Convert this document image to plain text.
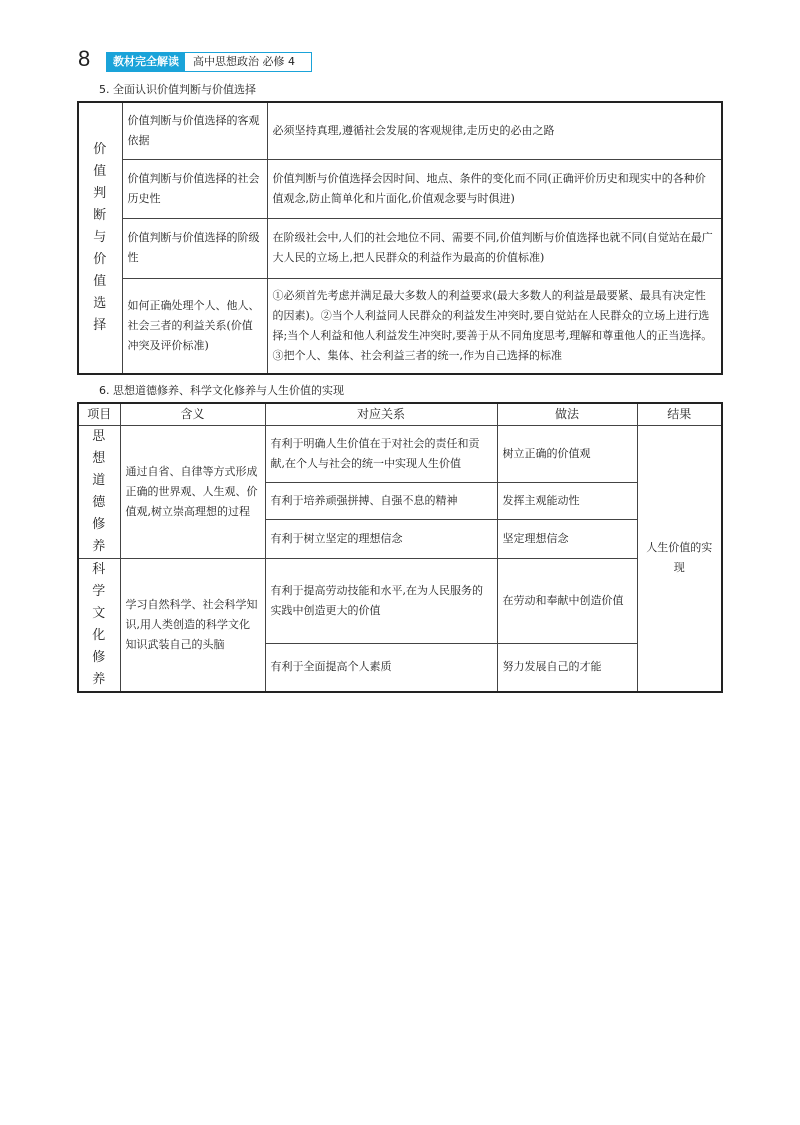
8	教材完全解读	高中思想政治 必修 4
5. 全面认识价值判断与价值选择
价值判断与价值选择	价值判断与价值选择的客观依据	必须坚持真理,遵循社会发展的客观规律,走历史的必由之路
	价值判断与价值选择的社会历史性	价值判断与价值选择会因时间、地点、条件的变化而不同(正确评价历史和现实中的各种价值观念,防止简单化和片面化,价值观念要与时俱进)
	价值判断与价值选择的阶级性	在阶级社会中,人们的社会地位不同、需要不同,价值判断与价值选择也就不同(自觉站在最广大人民的立场上,把人民群众的利益作为最高的价值标准)
	如何正确处理个人、他人、社会三者的利益关系(价值冲突及评价标准)	①必须首先考虑并满足最大多数人的利益要求(最大多数人的利益是最要紧、最具有决定性的因素)。②当个人利益同人民群众的利益发生冲突时,要自觉站在人民群众的立场上进行选择;当个人利益和他人利益发生冲突时,要善于从不同角度思考,理解和尊重他人的正当选择。③把个人、集体、社会利益三者的统一,作为自己选择的标准
6. 思想道德修养、科学文化修养与人生价值的实现
项目	含义	对应关系	做法	结果
思想道德修养	通过自省、自律等方式形成正确的世界观、人生观、价值观,树立崇高理想的过程	有利于明确人生价值在于对社会的责任和贡献,在个人与社会的统一中实现人生价值	树立正确的价值观	人生价值的实现
		有利于培养顽强拼搏、自强不息的精神	发挥主观能动性	
		有利于树立坚定的理想信念	坚定理想信念	
科学文化修养	学习自然科学、社会科学知识,用人类创造的科学文化知识武装自己的头脑	有利于提高劳动技能和水平,在为人民服务的实践中创造更大的价值	在劳动和奉献中创造价值	
		有利于全面提高个人素质	努力发展自己的才能	
